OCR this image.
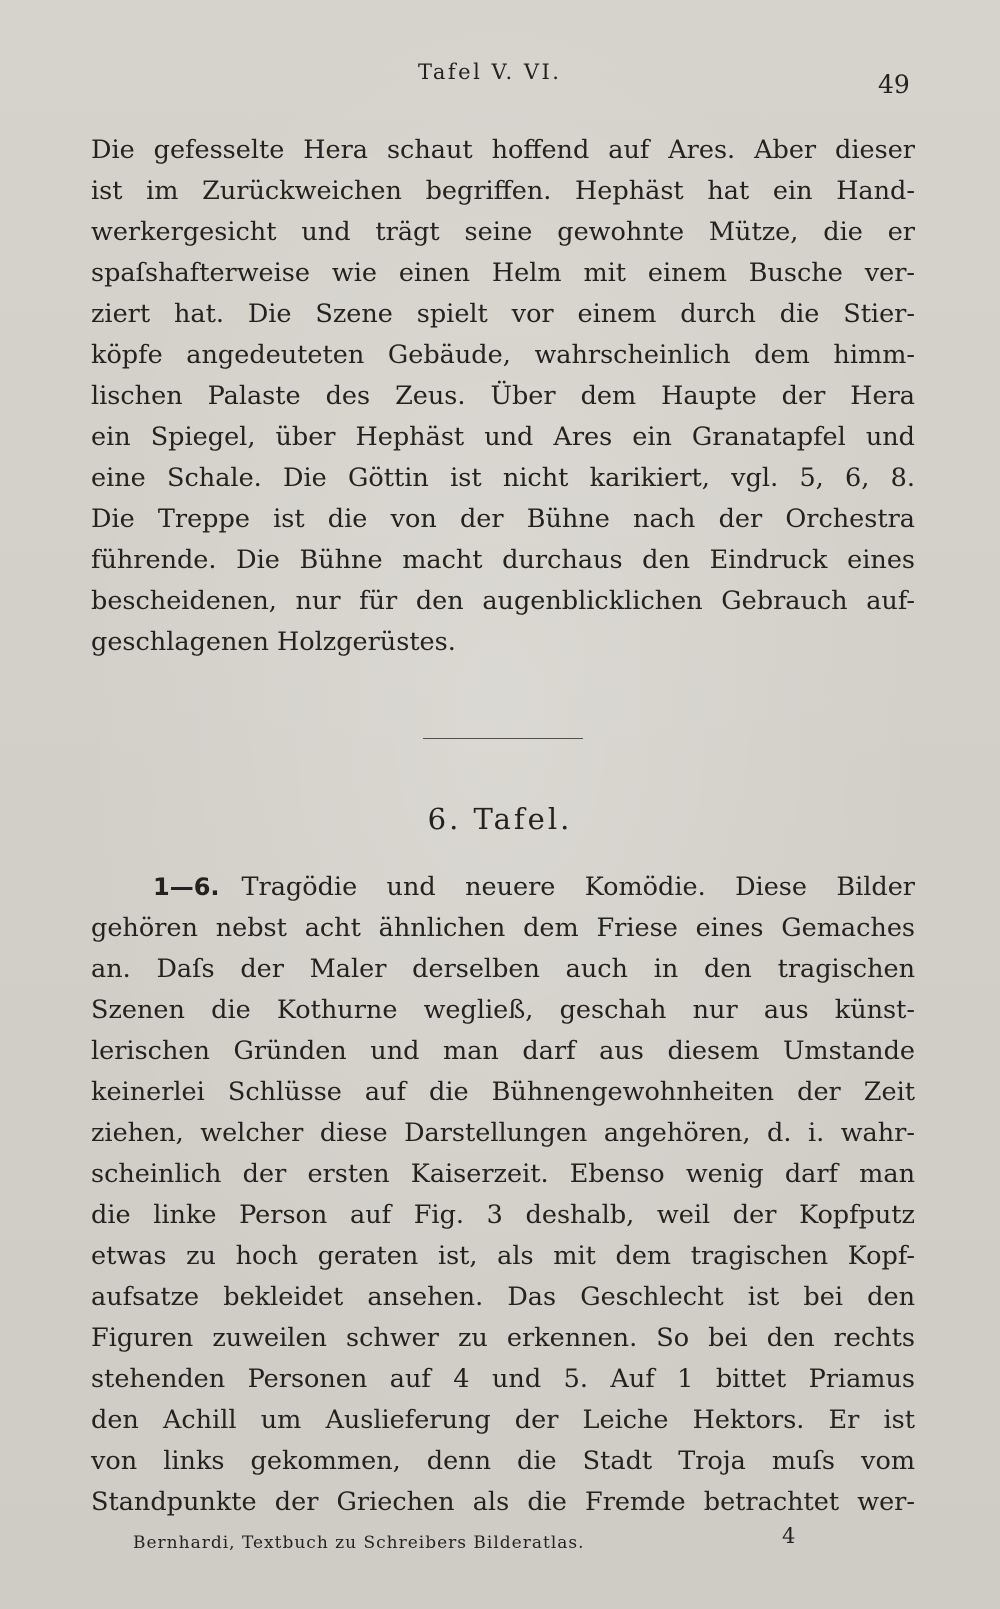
Tafel V. VI.	49
Die gefesselte Hera schaut hoffend auf Ares. Aber dieser
ist im Zurückweichen begriffen. Hephäst hat ein Hand-
werkergesicht und trägt seine gewohnte Mütze, die er
spaſshafterweise wie einen Helm mit einem Busche ver-
ziert hat. Die Szene spielt vor einem durch die Stier-
köpfe angedeuteten Gebäude, wahrscheinlich dem himm-
lischen Palaste des Zeus. Über dem Haupte der Hera
ein Spiegel, über Hephäst und Ares ein Granatapfel und
eine Schale. Die Göttin ist nicht karikiert, vgl. 5, 6, 8.
Die Treppe ist die von der Bühne nach der Orchestra
führende. Die Bühne macht durchaus den Eindruck eines
bescheidenen, nur für den augenblicklichen Gebrauch auf-
geschlagenen Holzgerüstes.
6. Tafel.
1—6. Tragödie und neuere Komödie. Diese Bilder
gehören nebst acht ähnlichen dem Friese eines Gemaches
an. Daſs der Maler derselben auch in den tragischen
Szenen die Kothurne wegließ, geschah nur aus künst-
lerischen Gründen und man darf aus diesem Umstande
keinerlei Schlüsse auf die Bühnengewohnheiten der Zeit
ziehen, welcher diese Darstellungen angehören, d. i. wahr-
scheinlich der ersten Kaiserzeit. Ebenso wenig darf man
die linke Person auf Fig. 3 deshalb, weil der Kopfputz
etwas zu hoch geraten ist, als mit dem tragischen Kopf-
aufsatze bekleidet ansehen. Das Geschlecht ist bei den
Figuren zuweilen schwer zu erkennen. So bei den rechts
stehenden Personen auf 4 und 5. Auf 1 bittet Priamus
den Achill um Auslieferung der Leiche Hektors. Er ist
von links gekommen, denn die Stadt Troja muſs vom
Standpunkte der Griechen als die Fremde betrachtet wer-
Bernhardi, Textbuch zu Schreibers Bilderatlas.	4
